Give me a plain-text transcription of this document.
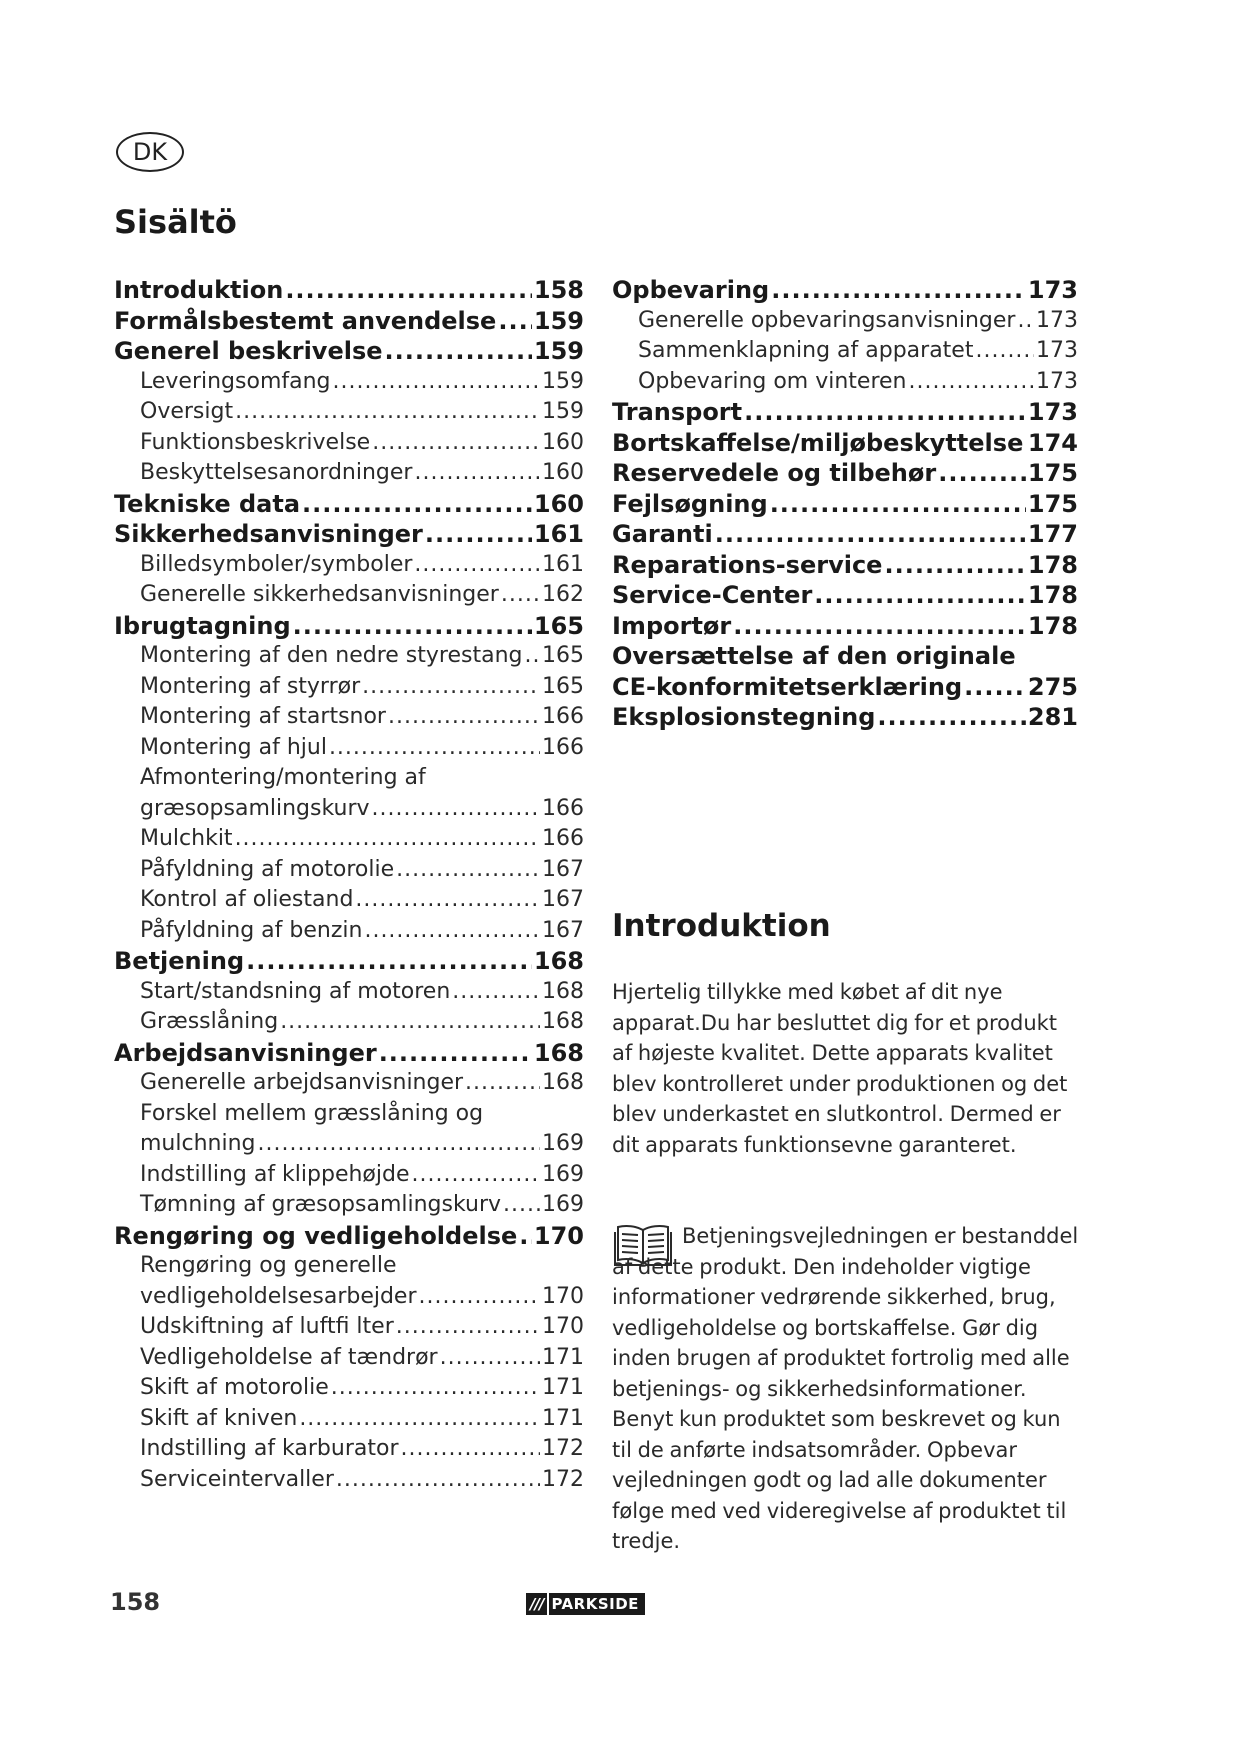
DK
Sisältö
Introduktion .....	158
Formålsbestemt anvendelse ..... 159
Generel beskrivelse .....	159
Leveringsomfang .....	159
Oversigt .....	159
Funktionsbeskrivelse .....	160
Beskyttelsesanordninger .....	160
Tekniske data .....	160
Sikkerhedsanvisninger .....	161
Billedsymboler/symboler .....	161
Generelle sikkerhedsanvisninger ..... 162
Ibrugtagning .....	165
Montering af den nedre styrestang ..... 165
Montering af styrrør .....	165
Montering af startsnor .....	166
Montering af hjul .....	166
Afmontering/montering af
græsopsamlingskurv .....	166
Mulchkit .....	166
Påfyldning af motorolie .....	167
Kontrol af oliestand .....	167
Påfyldning af benzin .....	167
Betjening .....	168
Start/standsning af motoren .....	168
Græsslåning .....	168
Arbejdsanvisninger .....	168
Generelle arbejdsanvisninger .....	168
Forskel mellem græsslåning og
mulchning .....	169
Indstilling af klippehøjde .....	169
Tømning af græsopsamlingskurv ..... 169
Rengøring og vedligeholdelse ..... 170
Rengøring og generelle
vedligeholdelsesarbejder .....	170
Udskiftning af luftfi lter .....	170
Vedligeholdelse af tændrør .....	171
Skift af motorolie .....	171
Skift af kniven .....	171
Indstilling af karburator .....	172
Serviceintervaller .....	172
Opbevaring .....	173
Generelle opbevaringsanvisninger ..... 173
Sammenklapning af apparatet .....	173
Opbevaring om vinteren .....	173
Transport .....	173
Bortskaffelse/miljøbeskyttelse ..... 174
Reservedele og tilbehør .....	175
Fejlsøgning .....	175
Garanti .....	177
Reparations-service .....	178
Service-Center .....	178
Importør .....	178
Oversættelse af den originale
CE-konformitetserklæring .....	275
Eksplosionstegning .....	281
Introduktion

Hjertelig tillykke med købet af dit nye apparat.Du har besluttet dig for et produkt af højeste kvalitet. Dette apparats kvalitet blev kontrolleret under produktionen og det blev underkastet en slutkontrol. Dermed er dit apparats funktionsevne garanteret.

Betjeningsvejledningen er bestanddel af dette produkt. Den indeholder vigtige informationer vedrørende sikkerhed, brug, vedligeholdelse og bortskaffelse. Gør dig inden brugen af produktet fortrolig med alle betjenings- og sikkerhedsinformationer. Benyt kun produktet som beskrevet og kun til de anførte indsatsområder. Opbevar vejledningen godt og lad alle dokumenter følge med ved videregivelse af produktet til tredje.

158	/// PARKSIDE
